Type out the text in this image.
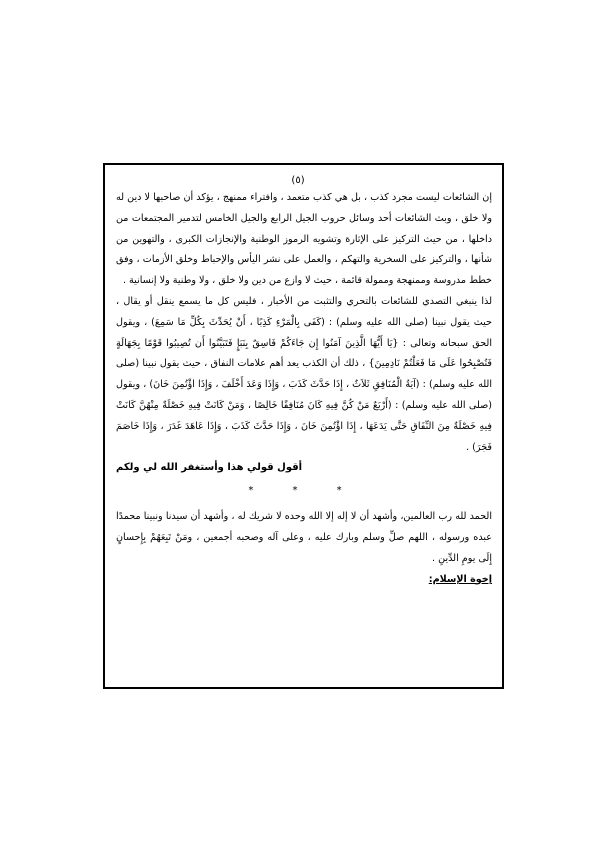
(٥)

إن الشائعات ليست مجرد كذب ، بل هي كذب متعمد ، وافتراء ممنهج ، يؤكد أن صاحبها لا دين له ولا خلق ، وبث الشائعات أحد وسائل حروب الجيل الرابع والجيل الخامس لتدمير المجتمعات من داخلها ، من حيث التركيز على الإثارة وتشويه الرموز الوطنية والإنجازات الكبرى ، والتهوين من شأنها ، والتركيز على السخرية والتهكم ، والعمل على نشر اليأس والإحباط وخلق الأزمات ، وفق خطط مدروسة وممنهجة وممولة قائمة ، حيث لا وازع من دين ولا خلق ، ولا وطنية ولا إنسانية .

لذا ينبغي التصدي للشائعات بالتحري والتثبت من الأخبار ، فليس كل ما يسمع ينقل أو يقال ، حيث يقول نبينا (صلى الله عليه وسلم) : (كَفَى بِالْمَرْءِ كَذِبًا ، أَنْ يُحَدِّثَ بِكُلِّ مَا سَمِعَ) ، ويقول الحق سبحانه وتعالى : {يَا أَيُّهَا الَّذِينَ آمَنُوا إِن جَاءَكُمْ فَاسِقٌ بِنَبَإٍ فَتَبَيَّنُوا أَن تُصِيبُوا قَوْمًا بِجَهَالَةٍ فَتُصْبِحُوا عَلَى مَا فَعَلْتُمْ نَادِمِينَ} ، ذلك أن الكذب يعد أهم علامات النفاق ، حيث يقول نبينا (صلى الله عليه وسلم) : (آيَةُ الْمُنَافِقِ ثَلاَثٌ ، إِذَا حَدَّثَ كَذَبَ ، وَإِذَا وَعَدَ أَخْلَفَ ، وَإِذَا اؤْتُمِنَ خَانَ) ، ويقول (صلى الله عليه وسلم) : (أَرْبَعٌ مَنْ كُنَّ فِيهِ كَانَ مُنَافِقًا خَالِصًا ، وَمَنْ كَانَتْ فِيهِ خَصْلَةٌ مِنْهُنَّ كَانَتْ فِيهِ خَصْلَةٌ مِنَ النِّفَاقِ حَتَّى يَدَعَهَا ، إِذَا اؤْتُمِنَ خَانَ ، وَإِذَا حَدَّثَ كَذَبَ ، وَإِذَا عَاهَدَ غَدَرَ ، وَإِذَا خَاصَمَ فَجَرَ) .

أقول قولي هذا وأستغفر الله لي ولكم

* * *

الحمد لله رب العالمين، وأشهد أن لا إله إلا الله وحده لا شريك له ، وأشهد أن سيدنا ونبينا محمدًا عبده ورسوله ، اللهم صلِّ وسلم وبارك عليه ، وعلى آله وصحبه أجمعين ، ومَنْ تَبِعَهُمْ بِإِحسانٍ إِلَى يومِ الدِّينِ .

إخوة الإسلام:
